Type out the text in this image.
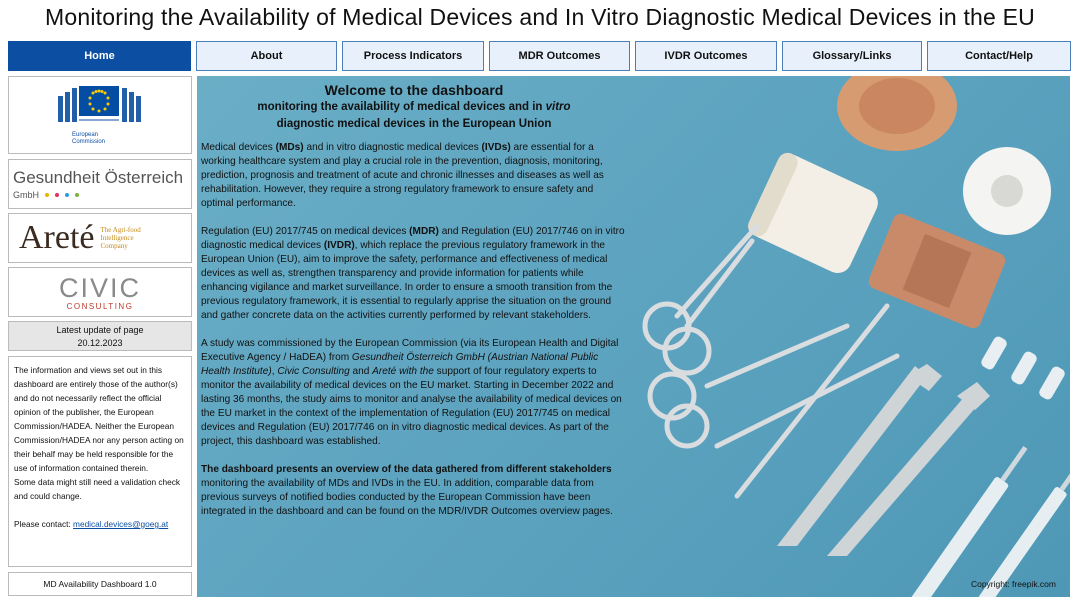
Monitoring the Availability of Medical Devices and In Vitro Diagnostic Medical Devices in the EU
Home	About	Process Indicators	MDR Outcomes	IVDR Outcomes	Glossary/Links	Contact/Help
European
Commission
Gesundheit Österreich
GmbH
Areté The Agri-food
Intelligence
Company
CIVIC
CONSULTING
Latest update of page
20.12.2023
The information and views set out in this dashboard are entirely those of the author(s) and do not necessarily reflect the official opinion of the publisher, the European Commission/HADEA. Neither the European Commission/HADEA nor any person acting on their behalf may be held responsible for the use of information contained therein.
Some data might still need a validation check and could change.
Please contact: medical.devices@goeg.at
MD Availability Dashboard 1.0
Welcome to the dashboard
monitoring the availability of medical devices and in vitro
diagnostic medical devices in the European Union
Medical devices (MDs) and in vitro diagnostic medical devices (IVDs) are essential for a working healthcare system and play a crucial role in the prevention, diagnosis, monitoring, prediction, prognosis and treatment of acute and chronic illnesses and diseases as well as rehabilitation. However, they require a strong regulatory framework to ensure safety and optimal performance.
Regulation (EU) 2017/745 on medical devices (MDR) and Regulation (EU) 2017/746 on in vitro diagnostic medical devices (IVDR), which replace the previous regulatory framework in the European Union (EU), aim to improve the safety, performance and effectiveness of medical devices as well as, strengthen transparency and provide information for patients while enhancing vigilance and market surveillance. In order to ensure a smooth transition from the previous regulatory framework, it is essential to regularly apprise the situation on the ground and gather concrete data on the activities currently performed by relevant stakeholders.
A study was commissioned by the European Commission (via its European Health and Digital Executive Agency / HaDEA) from Gesundheit Österreich GmbH (Austrian National Public Health Institute), Civic Consulting and Areté with the support of four regulatory experts to monitor the availability of medical devices on the EU market. Starting in December 2022 and lasting 36 months, the study aims to monitor and analyse the availability of medical devices on the EU market in the context of the implementation of Regulation (EU) 2017/745 on medical devices and Regulation (EU) 2017/746 on in vitro diagnostic medical devices. As part of the project, this dashboard was established.
The dashboard presents an overview of the data gathered from different stakeholders monitoring the availability of MDs and IVDs in the EU. In addition, comparable data from previous surveys of notified bodies conducted by the European Commission have been integrated in the dashboard and can be found on the MDR/IVDR Outcomes overview pages.
Copyright: freepik.com
